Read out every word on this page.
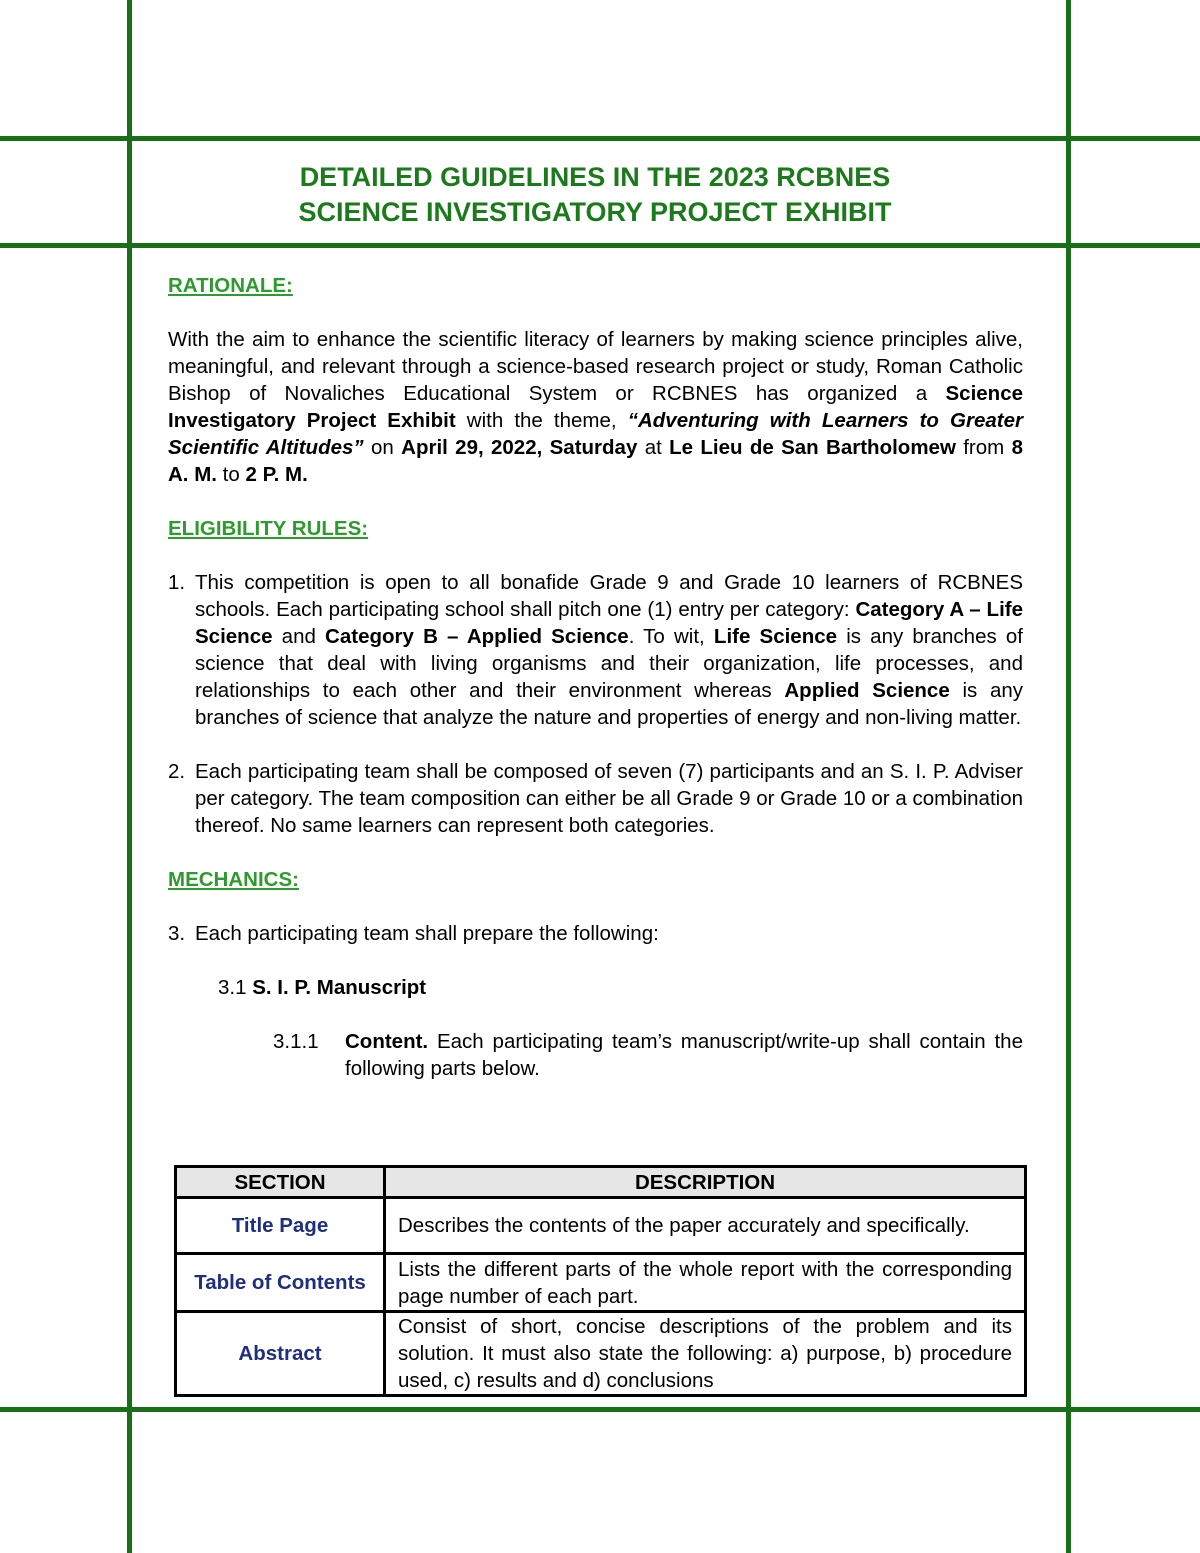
DETAILED GUIDELINES IN THE 2023 RCBNES
SCIENCE INVESTIGATORY PROJECT EXHIBIT
RATIONALE:

With the aim to enhance the scientific literacy of learners by making science principles alive, meaningful, and relevant through a science-based research project or study, Roman Catholic Bishop of Novaliches Educational System or RCBNES has organized a Science Investigatory Project Exhibit with the theme, “Adventuring with Learners to Greater Scientific Altitudes” on April 29, 2022, Saturday at Le Lieu de San Bartholomew from 8 A. M. to 2 P. M.

ELIGIBILITY RULES:
1. This competition is open to all bonafide Grade 9 and Grade 10 learners of RCBNES schools. Each participating school shall pitch one (1) entry per category: Category A – Life Science and Category B – Applied Science. To wit, Life Science is any branches of science that deal with living organisms and their organization, life processes, and relationships to each other and their environment whereas Applied Science is any branches of science that analyze the nature and properties of energy and non-living matter.
2. Each participating team shall be composed of seven (7) participants and an S. I. P. Adviser per category. The team composition can either be all Grade 9 or Grade 10 or a combination thereof. No same learners can represent both categories.
MECHANICS:
3. Each participating team shall prepare the following:
3.1 S. I. P. Manuscript
3.1.1	Content. Each participating team’s manuscript/write-up shall contain the following parts below.
SECTION	DESCRIPTION
Title Page	Describes the contents of the paper accurately and specifically.
Table of Contents	Lists the different parts of the whole report with the corresponding page number of each part.
Abstract	Consist of short, concise descriptions of the problem and its solution. It must also state the following: a) purpose, b) procedure used, c) results and d) conclusions
